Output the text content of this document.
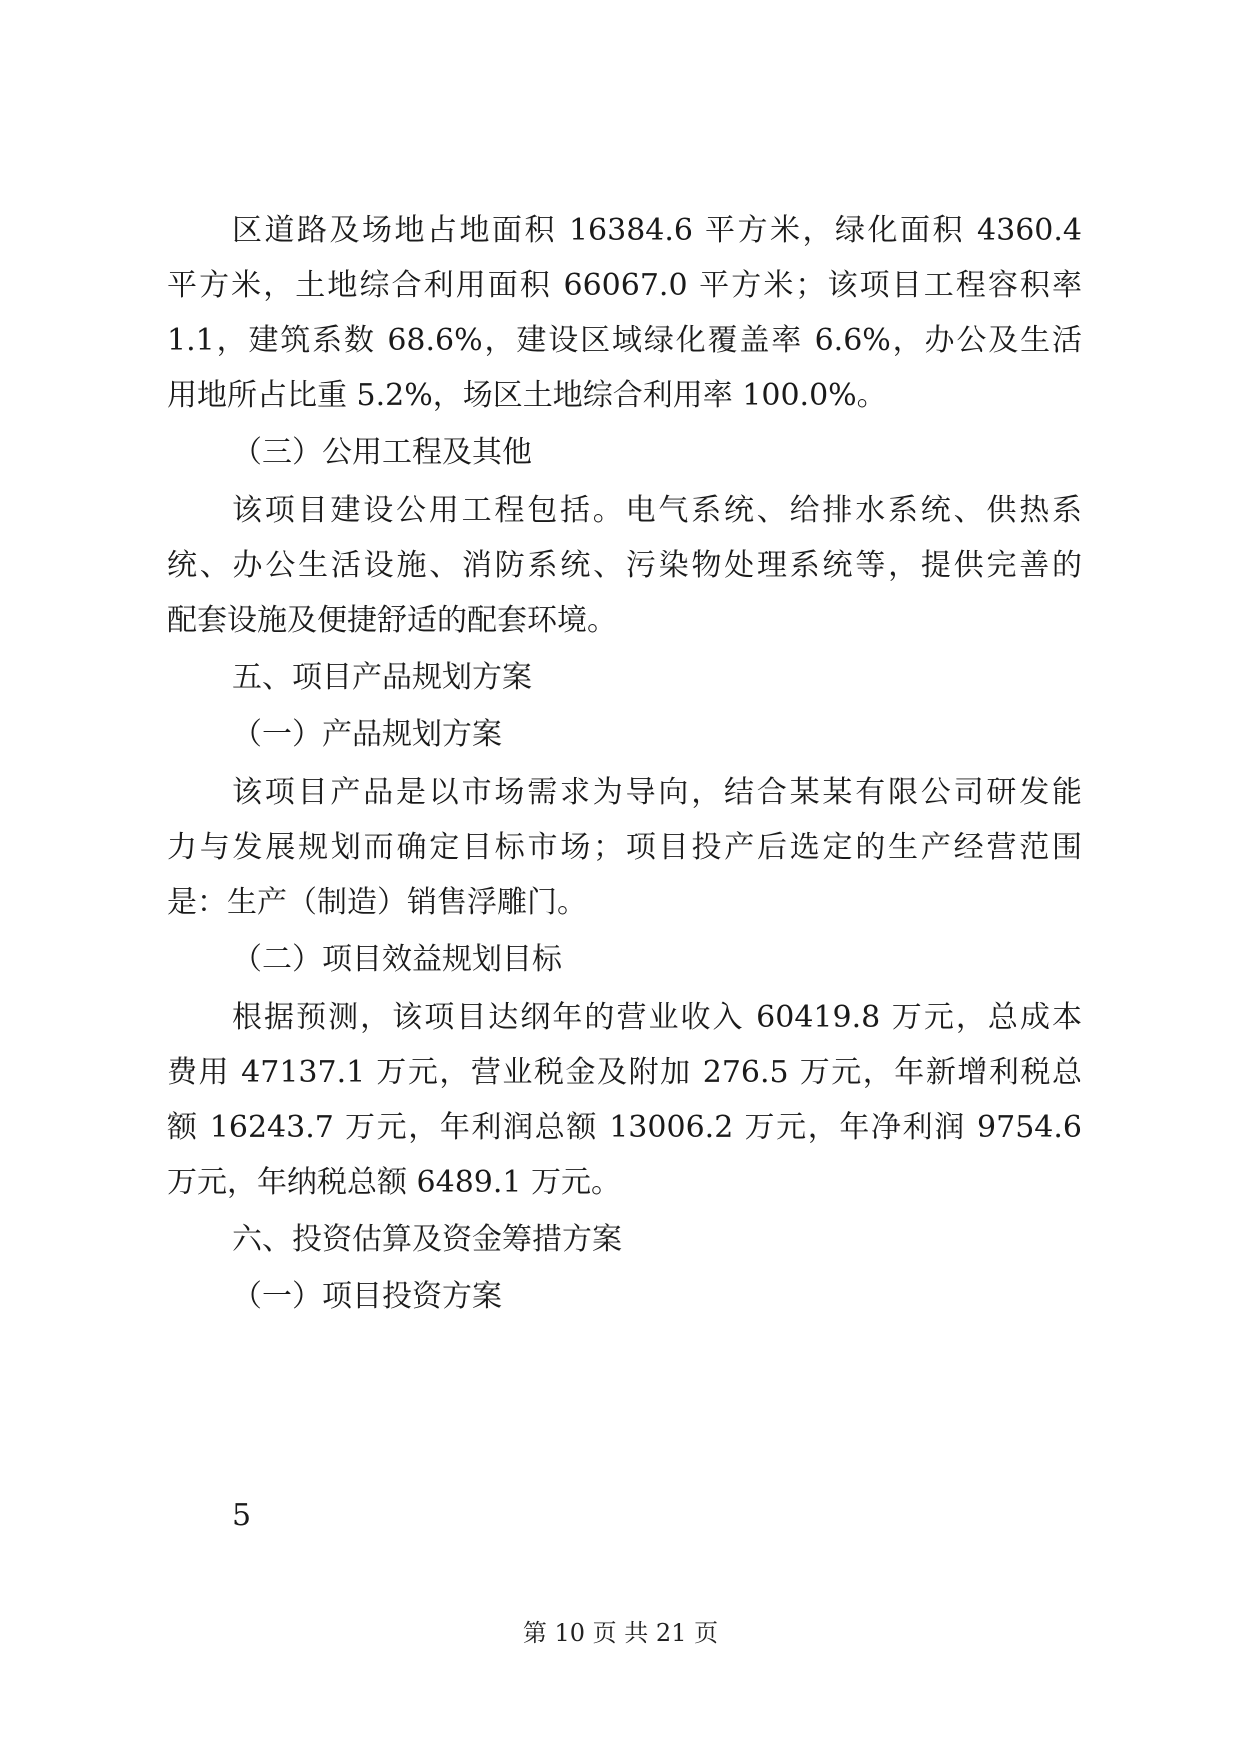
区道路及场地占地面积 16384.6 平方米，绿化面积 4360.4
平方米，土地综合利用面积 66067.0 平方米；该项目工程容积率
1.1，建筑系数 68.6%，建设区域绿化覆盖率 6.6%，办公及生活
用地所占比重 5.2%，场区土地综合利用率 100.0%。
（三）公用工程及其他
该项目建设公用工程包括。电气系统、给排水系统、供热系
统、办公生活设施、消防系统、污染物处理系统等，提供完善的
配套设施及便捷舒适的配套环境。
五、项目产品规划方案
（一）产品规划方案
该项目产品是以市场需求为导向，结合某某有限公司研发能
力与发展规划而确定目标市场；项目投产后选定的生产经营范围
是：生产（制造）销售浮雕门。
（二）项目效益规划目标
根据预测，该项目达纲年的营业收入 60419.8 万元，总成本
费用 47137.1 万元，营业税金及附加 276.5 万元，年新增利税总
额 16243.7 万元，年利润总额 13006.2 万元，年净利润 9754.6
万元，年纳税总额 6489.1 万元。
六、投资估算及资金筹措方案
（一）项目投资方案
5
第 10 页 共 21 页
